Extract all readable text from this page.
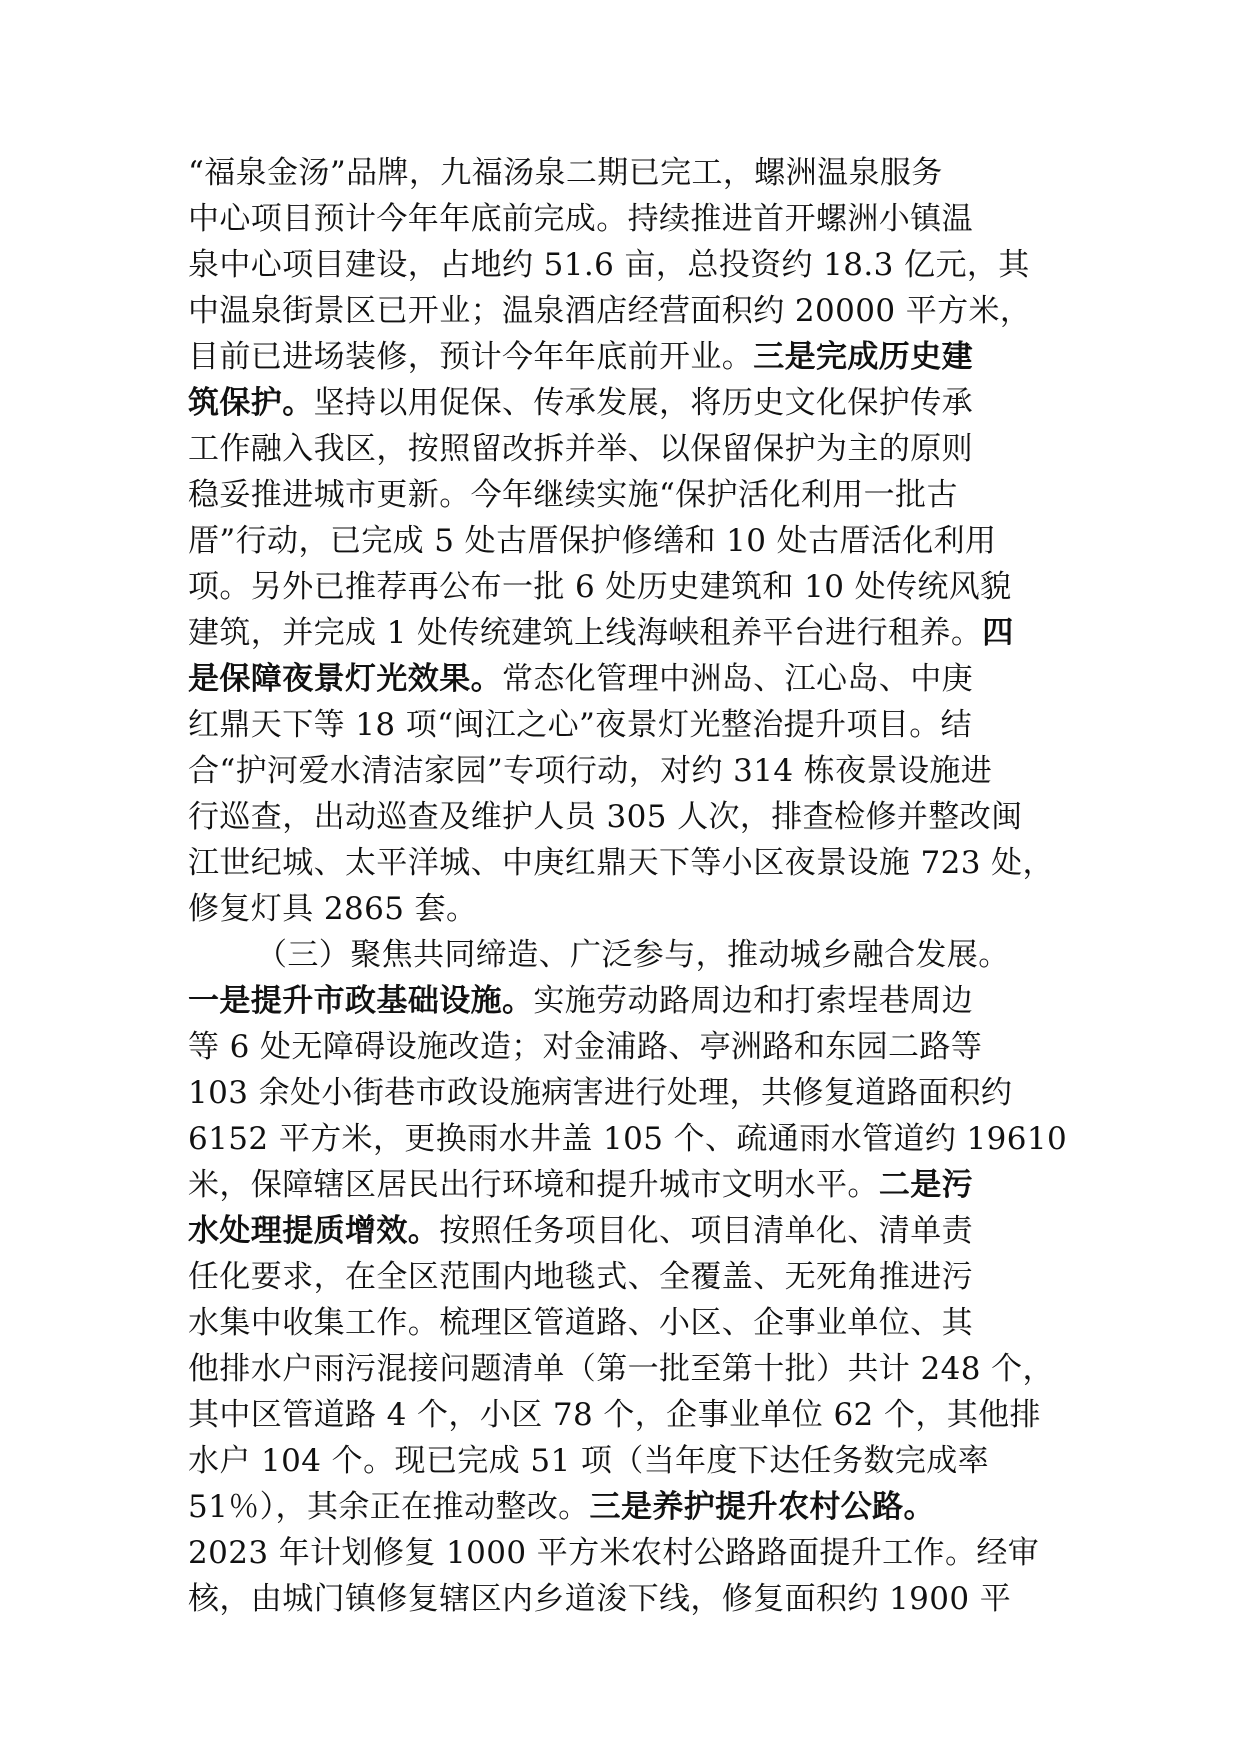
“福泉金汤”品牌，九福汤泉二期已完工，螺洲温泉服务
中心项目预计今年年底前完成。持续推进首开螺洲小镇温
泉中心项目建设，占地约 51.6 亩，总投资约 18.3 亿元，其
中温泉街景区已开业；温泉酒店经营面积约 20000 平方米，
目前已进场装修，预计今年年底前开业。三是完成历史建
筑保护。坚持以用促保、传承发展，将历史文化保护传承
工作融入我区，按照留改拆并举、以保留保护为主的原则
稳妥推进城市更新。今年继续实施“保护活化利用一批古
厝”行动，已完成 5 处古厝保护修缮和 10 处古厝活化利用
项。另外已推荐再公布一批 6 处历史建筑和 10 处传统风貌
建筑，并完成 1 处传统建筑上线海峡租养平台进行租养。四
是保障夜景灯光效果。常态化管理中洲岛、江心岛、中庚
红鼎天下等 18 项“闽江之心”夜景灯光整治提升项目。结
合“护河爱水清洁家园”专项行动，对约 314 栋夜景设施进
行巡查，出动巡查及维护人员 305 人次，排查检修并整改闽
江世纪城、太平洋城、中庚红鼎天下等小区夜景设施 723 处，
修复灯具 2865 套。
（三）聚焦共同缔造、广泛参与，推动城乡融合发展。
一是提升市政基础设施。实施劳动路周边和打索埕巷周边
等 6 处无障碍设施改造；对金浦路、亭洲路和东园二路等
103 余处小街巷市政设施病害进行处理，共修复道路面积约
6152 平方米，更换雨水井盖 105 个、疏通雨水管道约 19610
米，保障辖区居民出行环境和提升城市文明水平。二是污
水处理提质增效。按照任务项目化、项目清单化、清单责
任化要求，在全区范围内地毯式、全覆盖、无死角推进污
水集中收集工作。梳理区管道路、小区、企事业单位、其
他排水户雨污混接问题清单（第一批至第十批）共计 248 个，
其中区管道路 4 个，小区 78 个，企事业单位 62 个，其他排
水户 104 个。现已完成 51 项（当年度下达任务数完成率
51％），其余正在推动整改。三是养护提升农村公路。
2023 年计划修复 1000 平方米农村公路路面提升工作。经审
核，由城门镇修复辖区内乡道浚下线，修复面积约 1900 平
